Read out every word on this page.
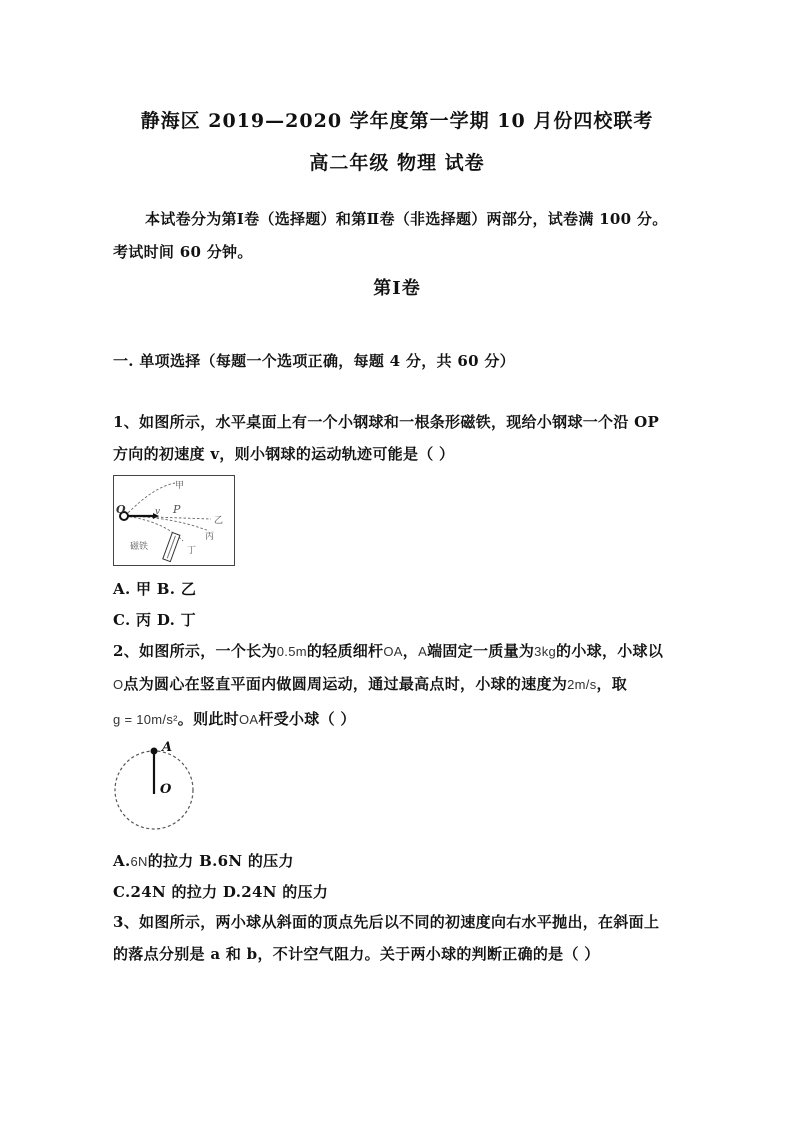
静海区 2019—2020 学年度第一学期 10 月份四校联考
高二年级 物理 试卷
本试卷分为第Ⅰ卷（选择题）和第Ⅱ卷（非选择题）两部分，试卷满 100 分。
考试时间 60 分钟。
第Ⅰ卷
一. 单项选择（每题一个选项正确，每题 4 分，共 60 分）
1、如图所示，水平桌面上有一个小钢球和一根条形磁铁，现给小钢球一个沿 OP
方向的初速度 v，则小钢球的运动轨迹可能是（ ）
O	v P
甲
乙
丙
丁
磁铁
A. 甲 B. 乙
C. 丙 D. 丁
2、如图所示，一个长为0.5m的轻质细杆OA，A端固定一质量为3kg的小球，小球以
O点为圆心在竖直平面内做圆周运动，通过最高点时，小球的速度为2m/s，取
g = 10m/s²。则此时OA杆受小球（ ）
A
O
A.6N的拉力 B.6N 的压力
C.24N 的拉力 D.24N 的压力
3、如图所示，两小球从斜面的顶点先后以不同的初速度向右水平抛出，在斜面上
的落点分别是 a 和 b，不计空气阻力。关于两小球的判断正确的是（ ）
